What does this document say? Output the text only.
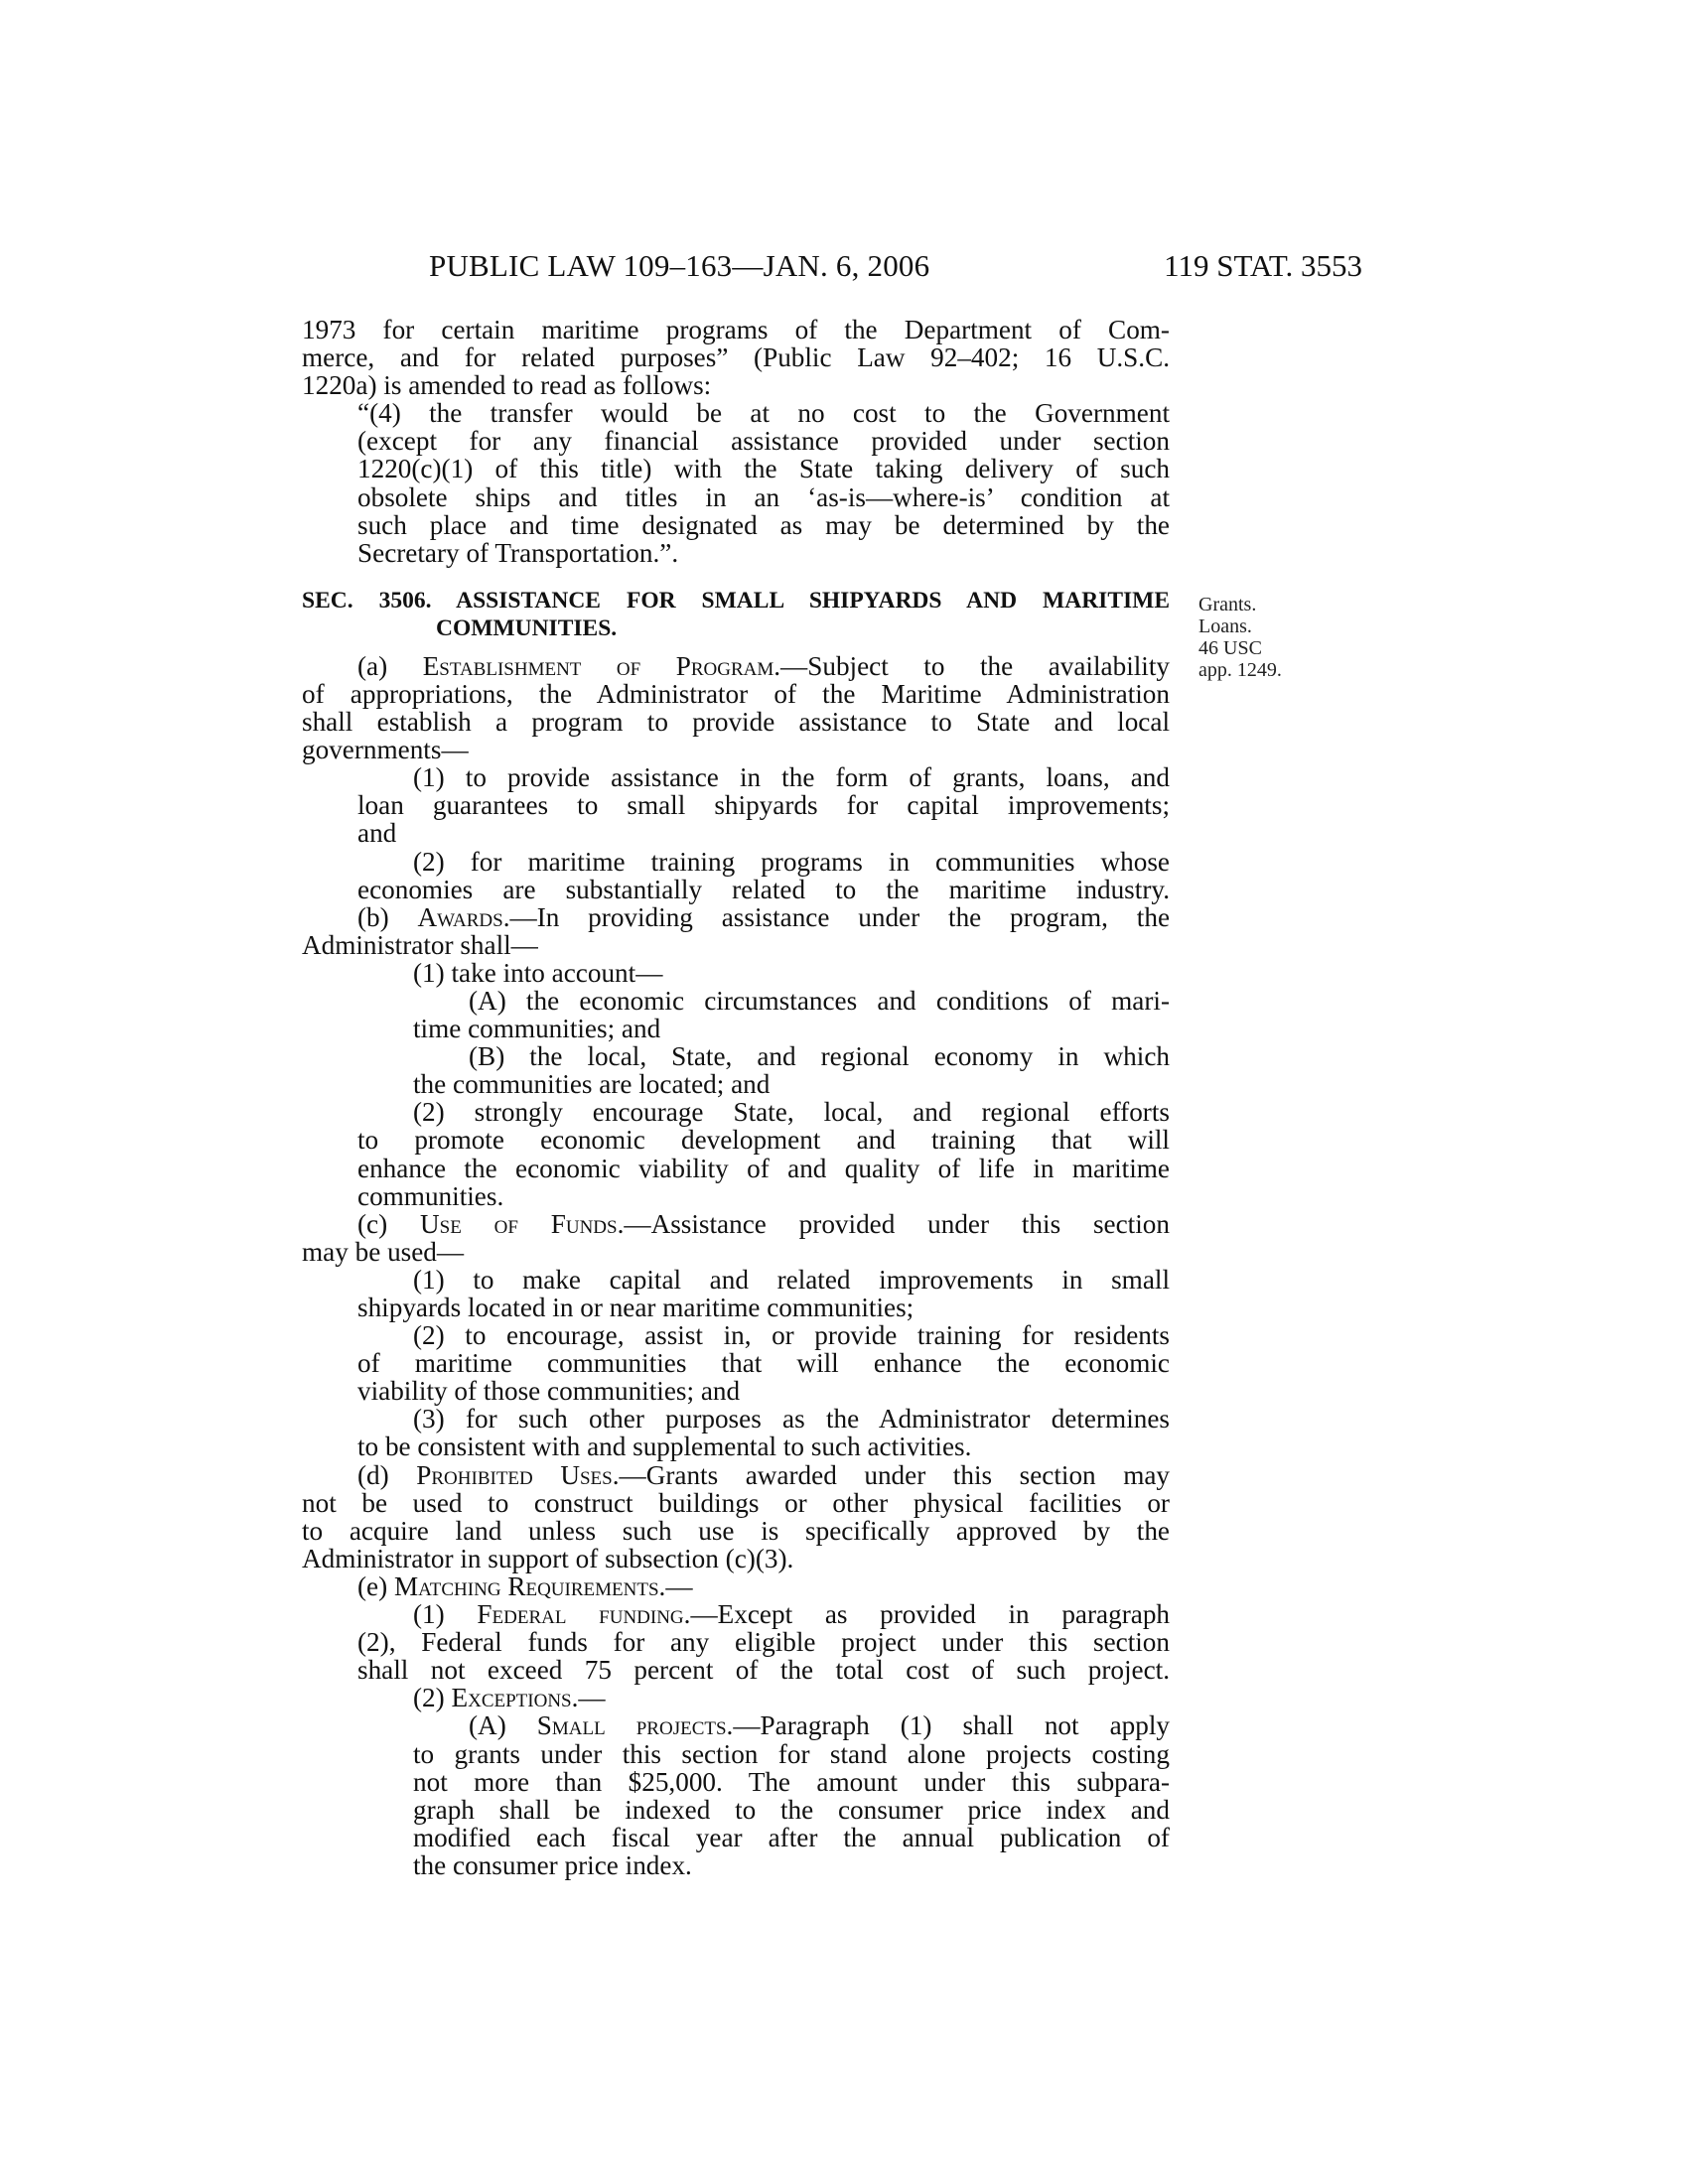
PUBLIC LAW 109–163—JAN. 6, 2006	119 STAT. 3553
Grants.
Loans.
46 USC
app. 1249.
1973 for certain maritime programs of the Department of Com-
merce, and for related purposes” (Public Law 92–402; 16 U.S.C.
1220a) is amended to read as follows:
“(4) the transfer would be at no cost to the Government
(except for any financial assistance provided under section
1220(c)(1) of this title) with the State taking delivery of such
obsolete ships and titles in an ‘as-is—where-is’ condition at
such place and time designated as may be determined by the
Secretary of Transportation.”.
SEC. 3506. ASSISTANCE FOR SMALL SHIPYARDS AND MARITIME
COMMUNITIES.
(a) Establishment of Program.—Subject to the availability
of appropriations, the Administrator of the Maritime Administration
shall establish a program to provide assistance to State and local
governments—
(1) to provide assistance in the form of grants, loans, and
loan guarantees to small shipyards for capital improvements;
and
(2) for maritime training programs in communities whose
economies are substantially related to the maritime industry.
(b) Awards.—In providing assistance under the program, the
Administrator shall—
(1) take into account—
(A) the economic circumstances and conditions of mari-
time communities; and
(B) the local, State, and regional economy in which
the communities are located; and
(2) strongly encourage State, local, and regional efforts
to promote economic development and training that will
enhance the economic viability of and quality of life in maritime
communities.
(c) Use of Funds.—Assistance provided under this section
may be used—
(1) to make capital and related improvements in small
shipyards located in or near maritime communities;
(2) to encourage, assist in, or provide training for residents
of maritime communities that will enhance the economic
viability of those communities; and
(3) for such other purposes as the Administrator determines
to be consistent with and supplemental to such activities.
(d) Prohibited Uses.—Grants awarded under this section may
not be used to construct buildings or other physical facilities or
to acquire land unless such use is specifically approved by the
Administrator in support of subsection (c)(3).
(e) Matching Requirements.—
(1) Federal funding.—Except as provided in paragraph
(2), Federal funds for any eligible project under this section
shall not exceed 75 percent of the total cost of such project.
(2) Exceptions.—
(A) Small projects.—Paragraph (1) shall not apply
to grants under this section for stand alone projects costing
not more than $25,000. The amount under this subpara-
graph shall be indexed to the consumer price index and
modified each fiscal year after the annual publication of
the consumer price index.
